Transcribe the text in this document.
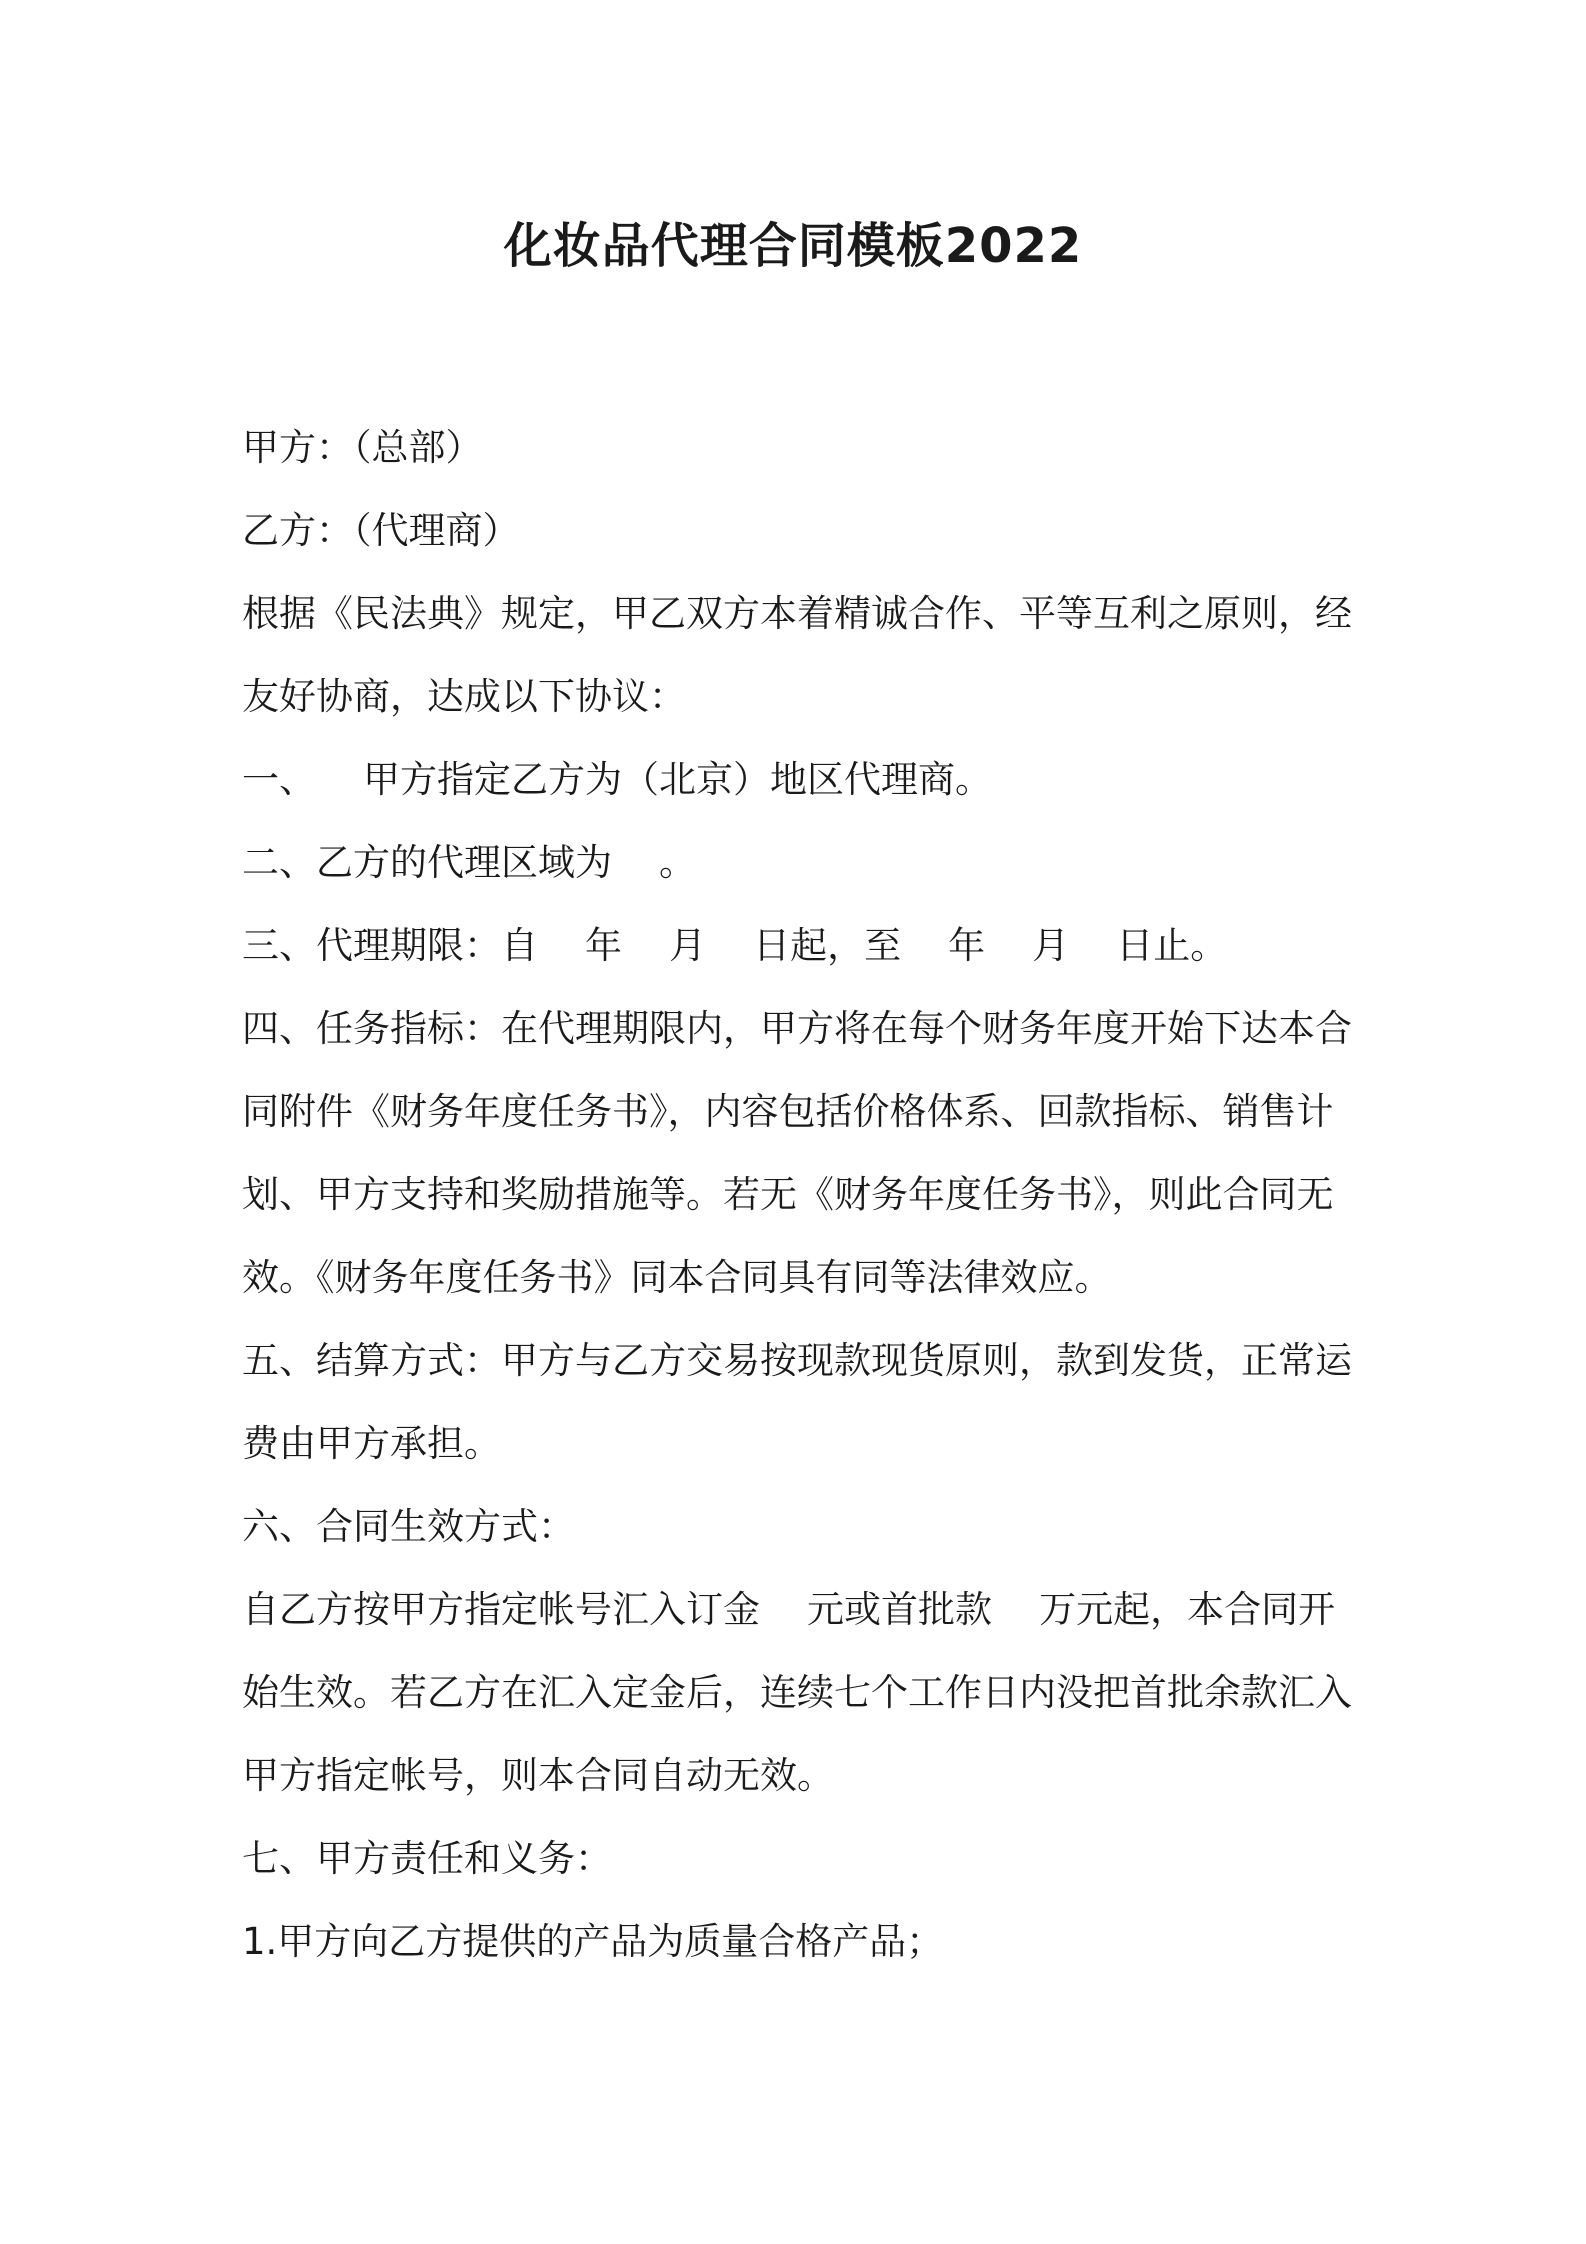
化妆品代理合同模板2022

甲方：（总部）

乙方：（代理商）

根据《民法典》规定，甲乙双方本着精诚合作、平等互利之原则，经友好协商，达成以下协议：

一、    甲方指定乙方为（北京）地区代理商。

二、乙方的代理区域为    。

三、代理期限：自    年    月    日起，至    年    月    日止。

四、任务指标：在代理期限内，甲方将在每个财务年度开始下达本合同附件《财务年度任务书》，内容包括价格体系、回款指标、销售计划、甲方支持和奖励措施等。若无《财务年度任务书》，则此合同无效。《财务年度任务书》同本合同具有同等法律效应。

五、结算方式：甲方与乙方交易按现款现货原则，款到发货，正常运费由甲方承担。

六、合同生效方式：

自乙方按甲方指定帐号汇入订金    元或首批款    万元起，本合同开始生效。若乙方在汇入定金后，连续七个工作日内没把首批余款汇入甲方指定帐号，则本合同自动无效。

七、甲方责任和义务：

1.甲方向乙方提供的产品为质量合格产品；
